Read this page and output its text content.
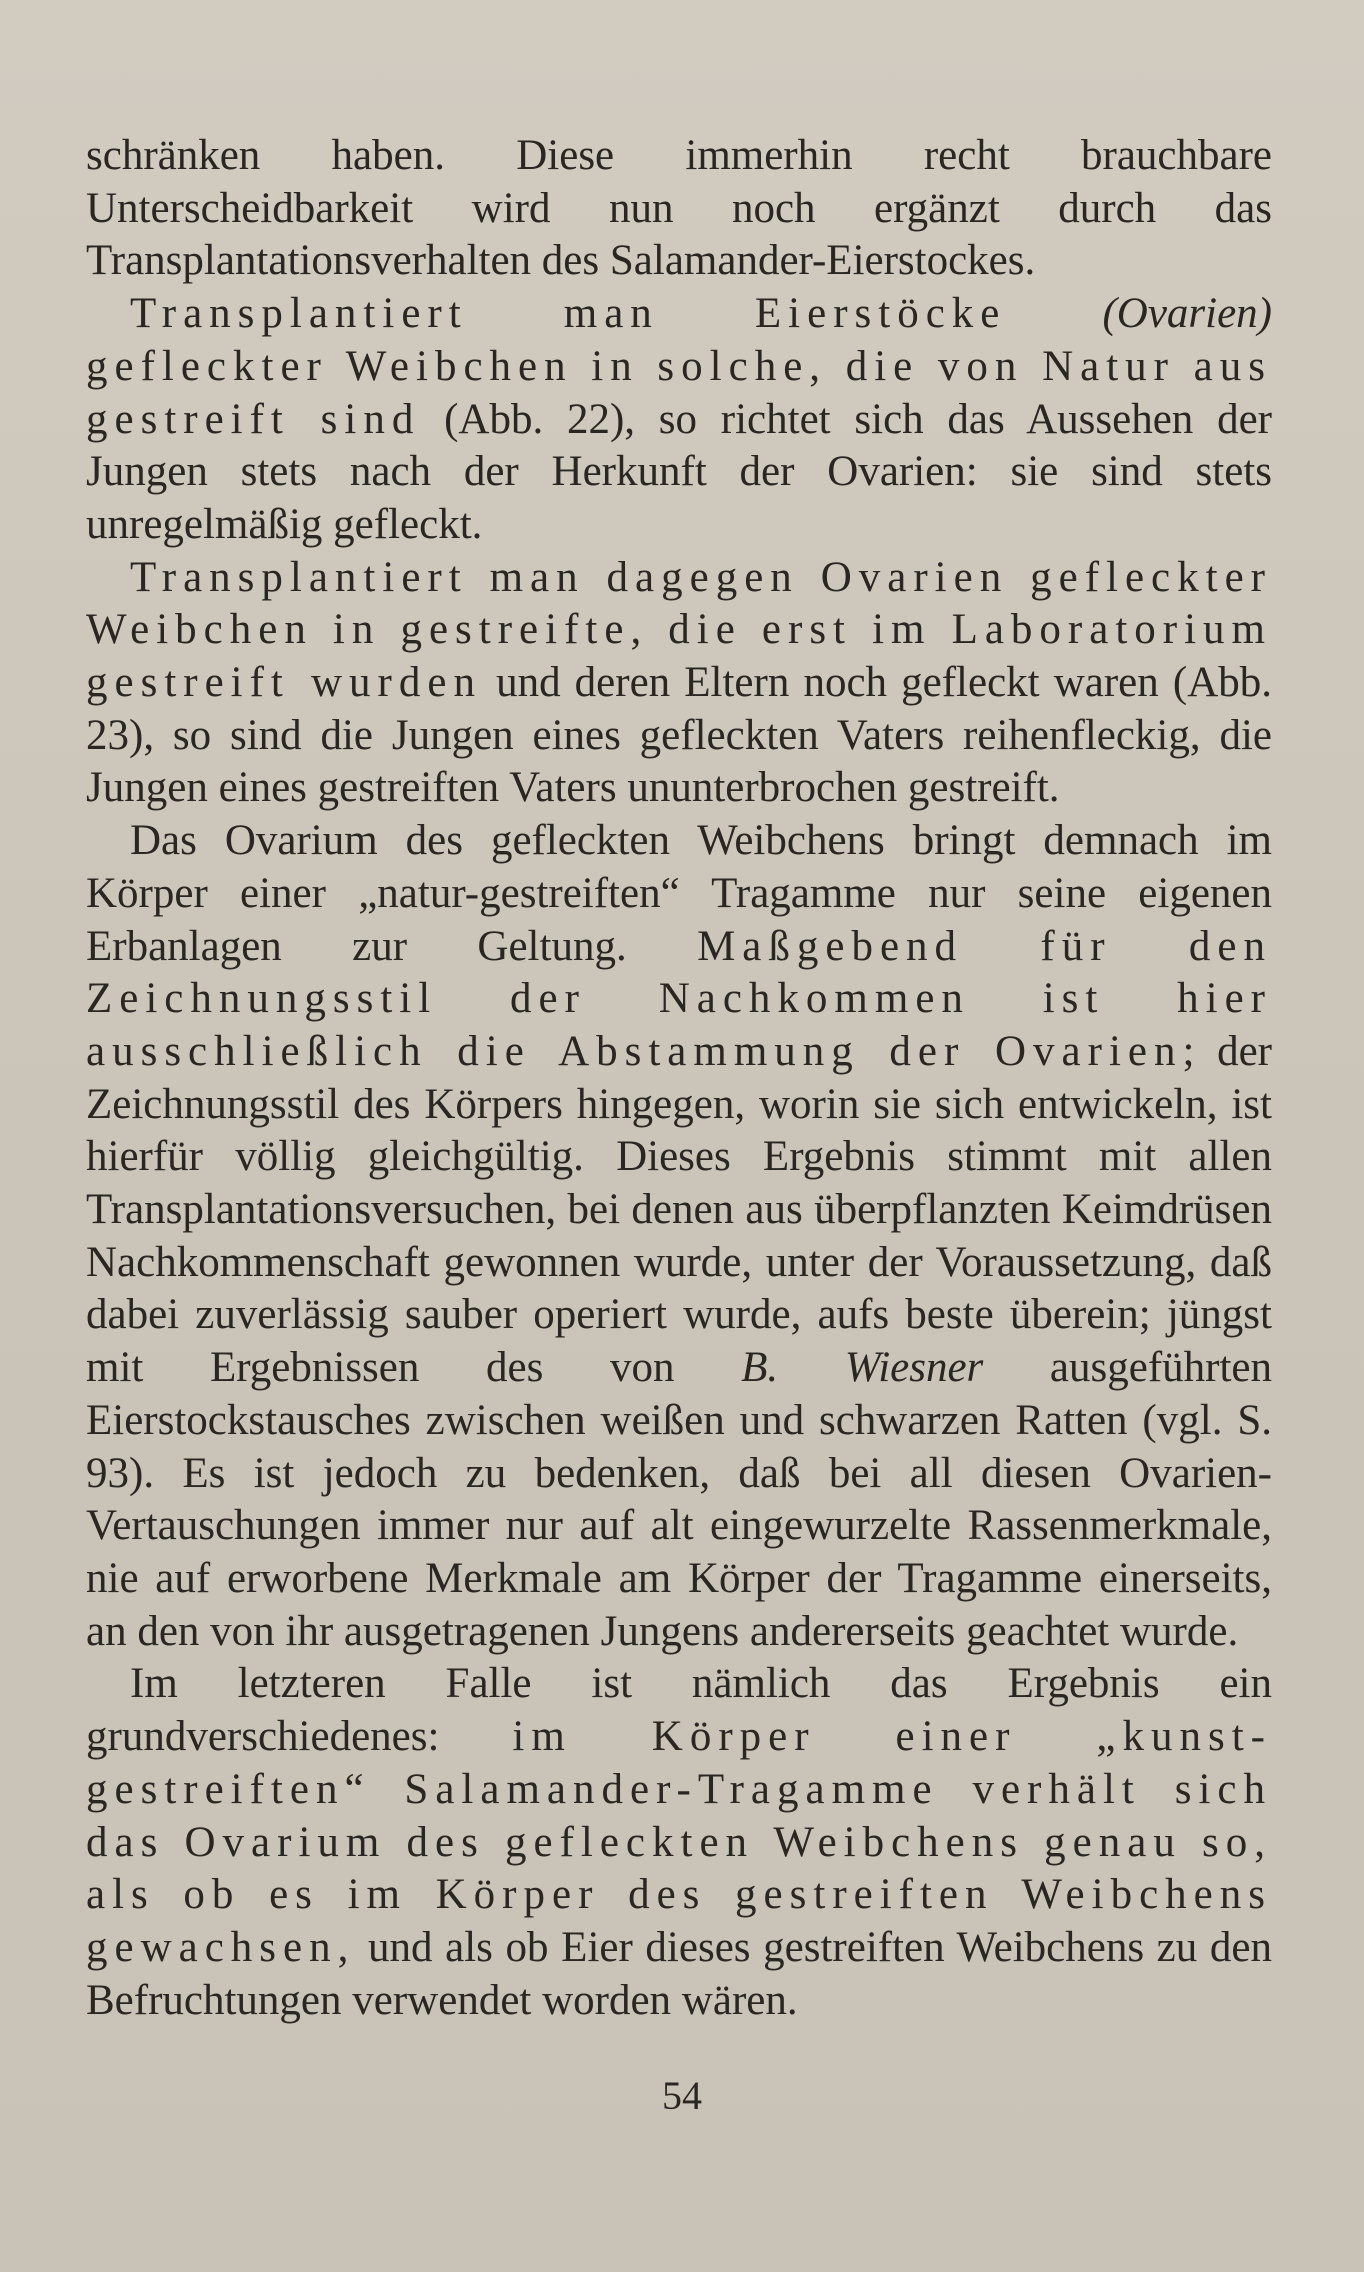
schränken haben. Diese immerhin recht brauchbare Unterscheidbarkeit wird nun noch ergänzt durch das Transplantationsverhalten des Salamander-Eierstockes.

Transplantiert man Eierstöcke (Ovarien) gefleckter Weibchen in solche, die von Natur aus gestreift sind (Abb. 22), so richtet sich das Aussehen der Jungen stets nach der Herkunft der Ovarien: sie sind stets unregelmäßig gefleckt.

Transplantiert man dagegen Ovarien gefleckter Weibchen in gestreifte, die erst im Laboratorium gestreift wurden und deren Eltern noch gefleckt waren (Abb. 23), so sind die Jungen eines gefleckten Vaters reihenfleckig, die Jungen eines gestreiften Vaters ununterbrochen gestreift.

Das Ovarium des gefleckten Weibchens bringt demnach im Körper einer „natur-gestreiften“ Tragamme nur seine eigenen Erbanlagen zur Geltung. Maßgebend für den Zeichnungsstil der Nachkommen ist hier ausschließlich die Abstammung der Ovarien; der Zeichnungsstil des Körpers hingegen, worin sie sich entwickeln, ist hierfür völlig gleichgültig. Dieses Ergebnis stimmt mit allen Transplantationsversuchen, bei denen aus überpflanzten Keimdrüsen Nachkommenschaft gewonnen wurde, unter der Voraussetzung, daß dabei zuverlässig sauber operiert wurde, aufs beste überein; jüngst mit Ergebnissen des von B. Wiesner ausgeführten Eierstockstausches zwischen weißen und schwarzen Ratten (vgl. S. 93). Es ist jedoch zu bedenken, daß bei all diesen Ovarien-Vertauschungen immer nur auf alt eingewurzelte Rassenmerkmale, nie auf erworbene Merkmale am Körper der Tragamme einerseits, an den von ihr ausgetragenen Jungens andererseits geachtet wurde.

Im letzteren Falle ist nämlich das Ergebnis ein grundverschiedenes: im Körper einer „kunst-gestreiften“ Salamander-Tragamme verhält sich das Ovarium des gefleckten Weibchens genau so, als ob es im Körper des gestreiften Weibchens gewachsen, und als ob Eier dieses gestreiften Weibchens zu den Befruchtungen verwendet worden wären.

54
